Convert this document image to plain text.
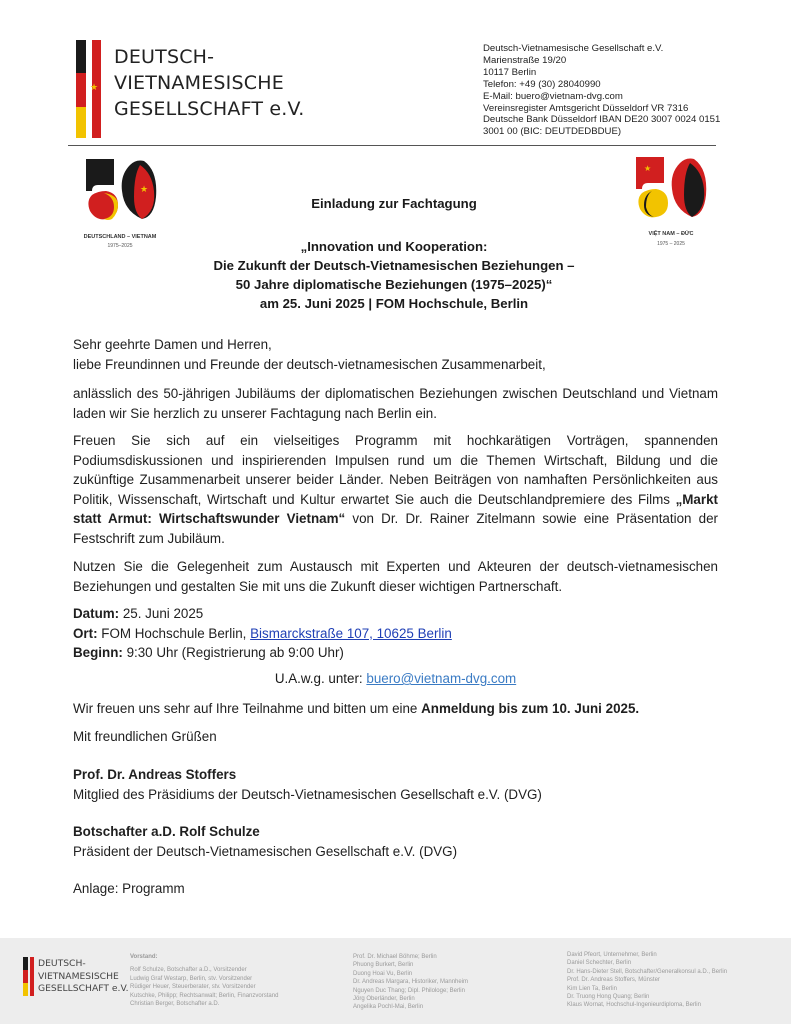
★
DEUTSCH-
VIETNAMESISCHE
GESELLSCHAFT e.V.
Deutsch-Vietnamesische Gesellschaft e.V.
Marienstraße 19/20
10117 Berlin
Telefon: +49 (30) 28040990
E-Mail: buero@vietnam-dvg.com
Vereinsregister Amtsgericht Düsseldorf VR 7316
Deutsche Bank Düsseldorf IBAN DE20 3007 0024 0151
3001 00 (BIC: DEUTDEDBDUE)
★
DEUTSCHLAND – VIETNAM
1975–2025
★
VIỆT NAM – ĐỨC
1975 – 2025
Einladung zur Fachtagung
„Innovation und Kooperation:
Die Zukunft der Deutsch-Vietnamesischen Beziehungen –
50 Jahre diplomatische Beziehungen (1975–2025)“
am 25. Juni 2025 | FOM Hochschule, Berlin
Sehr geehrte Damen und Herren,
liebe Freundinnen und Freunde der deutsch-vietnamesischen Zusammenarbeit,
anlässlich des 50-jährigen Jubiläums der diplomatischen Beziehungen zwischen Deutschland und Vietnam laden wir Sie herzlich zu unserer Fachtagung nach Berlin ein.
Freuen Sie sich auf ein vielseitiges Programm mit hochkarätigen Vorträgen, spannenden Podiumsdiskussionen und inspirierenden Impulsen rund um die Themen Wirtschaft, Bildung und die zukünftige Zusammenarbeit unserer beider Länder. Neben Beiträgen von namhaften Persönlichkeiten aus Politik, Wissenschaft, Wirtschaft und Kultur erwartet Sie auch die Deutschlandpremiere des Films „Markt statt Armut: Wirtschaftswunder Vietnam“ von Dr. Dr. Rainer Zitelmann sowie eine Präsentation der Festschrift zum Jubiläum.
Nutzen Sie die Gelegenheit zum Austausch mit Experten und Akteuren der deutsch-vietnamesischen Beziehungen und gestalten Sie mit uns die Zukunft dieser wichtigen Partnerschaft.
Datum: 25. Juni 2025
Ort: FOM Hochschule Berlin, Bismarckstraße 107, 10625 Berlin
Beginn: 9:30 Uhr (Registrierung ab 9:00 Uhr)
U.A.w.g. unter: buero@vietnam-dvg.com
Wir freuen uns sehr auf Ihre Teilnahme und bitten um eine Anmeldung bis zum 10. Juni 2025.
Mit freundlichen Grüßen
Prof. Dr. Andreas Stoffers
Mitglied des Präsidiums der Deutsch-Vietnamesischen Gesellschaft e.V. (DVG)
Botschafter a.D. Rolf Schulze
Präsident der Deutsch-Vietnamesischen Gesellschaft e.V. (DVG)
Anlage: Programm
DEUTSCH-
VIETNAMESISCHE
GESELLSCHAFT e.V.
Vorstand:
Rolf Schulze, Botschafter a.D., Vorsitzender
Ludwig Graf Westarp, Berlin, stv. Vorsitzender
Rüdiger Heuer, Steuerberater, stv. Vorsitzender
Kutschke, Philipp; Rechtsanwalt; Berlin, Finanzvorstand
Christian Berger, Botschafter a.D.
Prof. Dr. Michael Böhme; Berlin
Phuong Burkert, Berlin
Duong Hoai Vu, Berlin
Dr. Andreas Margara, Historiker, Mannheim
Nguyen Duc Thang; Dipl. Philologe; Berlin
Jörg Oberländer, Berlin
Angelika Pochl-Mai, Berlin
David Pfeort, Unternehmer, Berlin
Daniel Schechter, Berlin
Dr. Hans-Dieter Stell, Botschafter/Generalkonsul a.D., Berlin
Prof. Dr. Andreas Stoffers, Münster
Kim Lien Ta, Berlin
Dr. Truong Hong Quang; Berlin
Klaus Wornat, Hochschul-Ingenieurdiploma, Berlin
